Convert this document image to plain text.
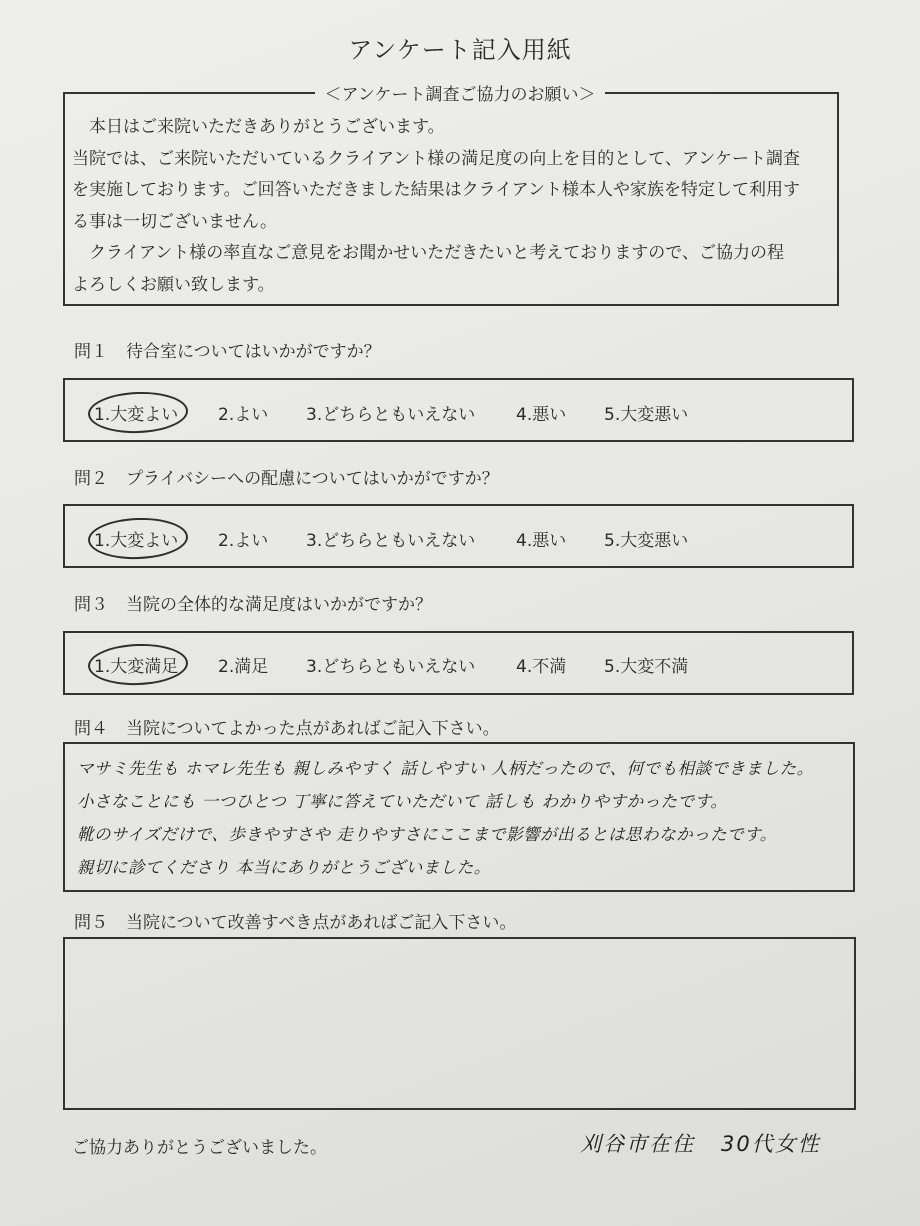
アンケート記入用紙
＜アンケート調査ご協力のお願い＞

　本日はご来院いただきありがとうございます。

当院では、ご来院いただいているクライアント様の満足度の向上を目的として、アンケート調査

を実施しております。ご回答いただきました結果はクライアント様本人や家族を特定して利用す

る事は一切ございません。

　クライアント様の率直なご意見をお聞かせいただきたいと考えておりますので、ご協力の程

よろしくお願い致します。

問１ 待合室についてはいかがですか？
1.大変よい 2.よい 3.どちらともいえない 4.悪い 5.大変悪い
問２ プライバシーへの配慮についてはいかがですか？
1.大変よい 2.よい 3.どちらともいえない 4.悪い 5.大変悪い
問３ 当院の全体的な満足度はいかがですか？
1.大変満足 2.満足 3.どちらともいえない 4.不満 5.大変不満
問４ 当院についてよかった点があればご記入下さい。

マサミ先生も ホマレ先生も 親しみやすく 話しやすい 人柄だったので、何でも相談できました。

小さなことにも 一つひとつ 丁寧に答えていただいて 話しも わかりやすかったです。

靴のサイズだけで、歩きやすさや 走りやすさにここまで影響が出るとは思わなかったです。

親切に診てくださり 本当にありがとうございました。

問５ 当院について改善すべき点があればご記入下さい。
ご協力ありがとうございました。	刈谷市在住 30代女性
